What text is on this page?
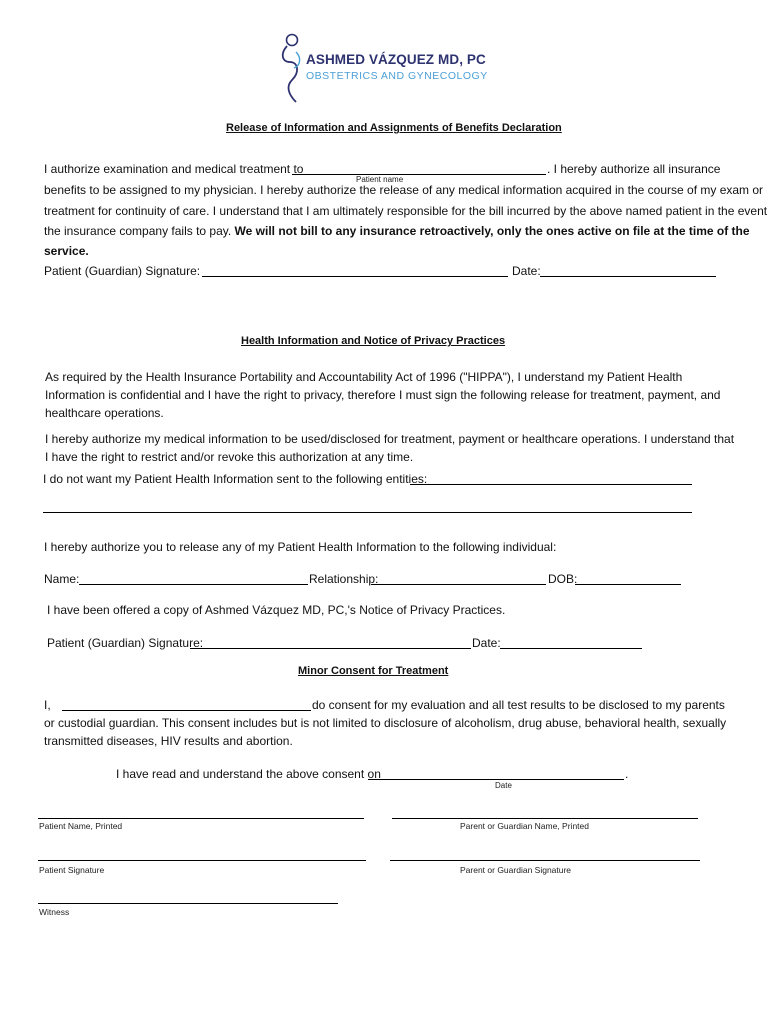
ASHMED VÁZQUEZ MD, PC
OBSTETRICS AND GYNECOLOGY
Release of Information and Assignments of Benefits Declaration
I authorize examination and medical treatment to	. I hereby authorize all insurance
Patient name
benefits to be assigned to my physician. I hereby authorize the release of any medical information acquired in the course of my exam or
treatment for continuity of care. I understand that I am ultimately responsible for the bill incurred by the above named patient in the event
the insurance company fails to pay. We will not bill to any insurance retroactively, only the ones active on file at the time of the
service.
Patient (Guardian) Signature:	Date:
Health Information and Notice of Privacy Practices
As required by the Health Insurance Portability and Accountability Act of 1996 ("HIPPA"), I understand my Patient Health
Information is confidential and I have the right to privacy, therefore I must sign the following release for treatment, payment, and
healthcare operations.
I hereby authorize my medical information to be used/disclosed for treatment, payment or healthcare operations. I understand that
I have the right to restrict and/or revoke this authorization at any time.
I do not want my Patient Health Information sent to the following entities:
I hereby authorize you to release any of my Patient Health Information to the following individual:
Name:	Relationship:	DOB:
I have been offered a copy of Ashmed Vázquez MD, PC,'s Notice of Privacy Practices.
Patient (Guardian) Signature:	Date:
Minor Consent for Treatment
I,	do consent for my evaluation and all test results to be disclosed to my parents
or custodial guardian. This consent includes but is not limited to disclosure of alcoholism, drug abuse, behavioral health, sexually
transmitted diseases, HIV results and abortion.
I have read and understand the above consent on	.
Date
Patient Name, Printed	Parent or Guardian Name, Printed
Patient Signature	Parent or Guardian Signature
Witness
